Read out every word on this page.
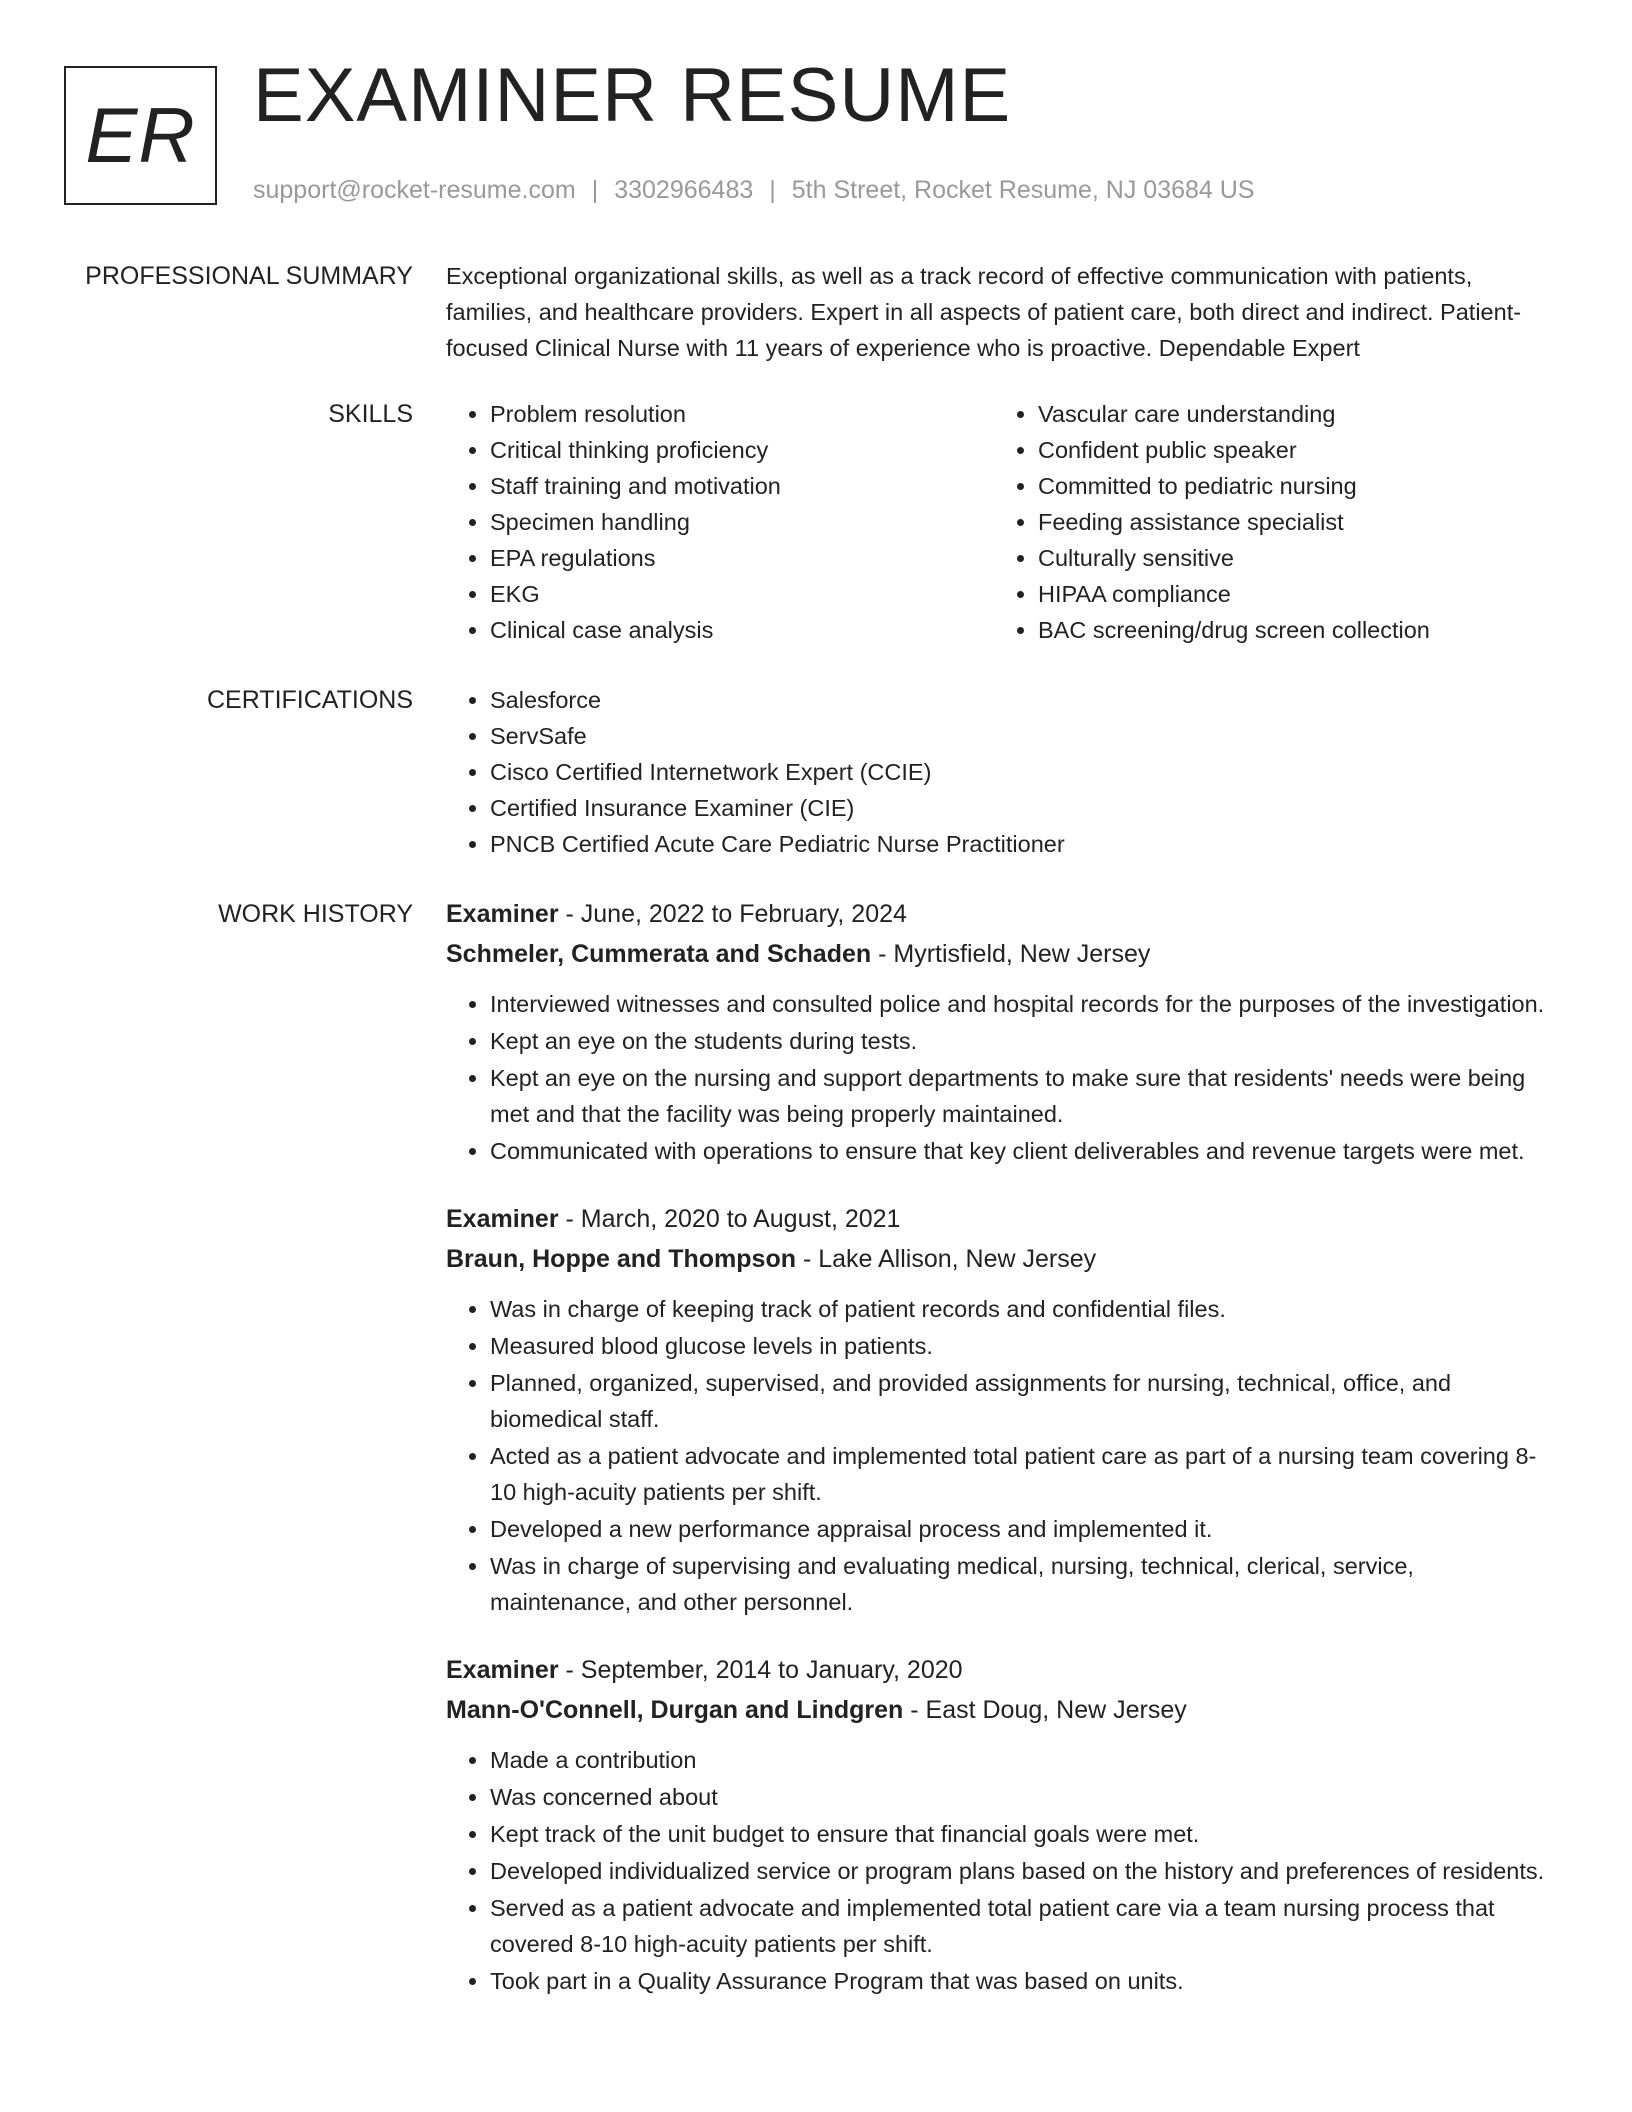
ER EXAMINER RESUME
support@rocket-resume.com | 3302966483 | 5th Street, Rocket Resume, NJ 03684 US
PROFESSIONAL SUMMARY Exceptional organizational skills, as well as a track record of effective communication with patients, families, and healthcare providers. Expert in all aspects of patient care, both direct and indirect. Patient-focused Clinical Nurse with 11 years of experience who is proactive. Dependable Expert

SKILLS	• Problem resolution
• Critical thinking proficiency
• Staff training and motivation
• Specimen handling
• EPA regulations
• EKG
• Clinical case analysis
• Vascular care understanding
• Confident public speaker
• Committed to pediatric nursing
• Feeding assistance specialist
• Culturally sensitive
• HIPAA compliance
• BAC screening/drug screen collection
CERTIFICATIONS	• Salesforce
• ServSafe
• Cisco Certified Internetwork Expert (CCIE)
• Certified Insurance Examiner (CIE)
• PNCB Certified Acute Care Pediatric Nurse Practitioner
WORK HISTORY Examiner - June, 2022 to February, 2024
Schmeler, Cummerata and Schaden - Myrtisfield, New Jersey
• Interviewed witnesses and consulted police and hospital records for the purposes of the investigation.
• Kept an eye on the students during tests.
• Kept an eye on the nursing and support departments to make sure that residents' needs were being met and that the facility was being properly maintained.
• Communicated with operations to ensure that key client deliverables and revenue targets were met.
Examiner - March, 2020 to August, 2021
Braun, Hoppe and Thompson - Lake Allison, New Jersey
• Was in charge of keeping track of patient records and confidential files.
• Measured blood glucose levels in patients.
• Planned, organized, supervised, and provided assignments for nursing, technical, office, and biomedical staff.
• Acted as a patient advocate and implemented total patient care as part of a nursing team covering 8-10 high-acuity patients per shift.
• Developed a new performance appraisal process and implemented it.
• Was in charge of supervising and evaluating medical, nursing, technical, clerical, service, maintenance, and other personnel.
Examiner - September, 2014 to January, 2020
Mann-O'Connell, Durgan and Lindgren - East Doug, New Jersey
• Made a contribution
• Was concerned about
• Kept track of the unit budget to ensure that financial goals were met.
• Developed individualized service or program plans based on the history and preferences of residents.
• Served as a patient advocate and implemented total patient care via a team nursing process that covered 8-10 high-acuity patients per shift.
• Took part in a Quality Assurance Program that was based on units.
